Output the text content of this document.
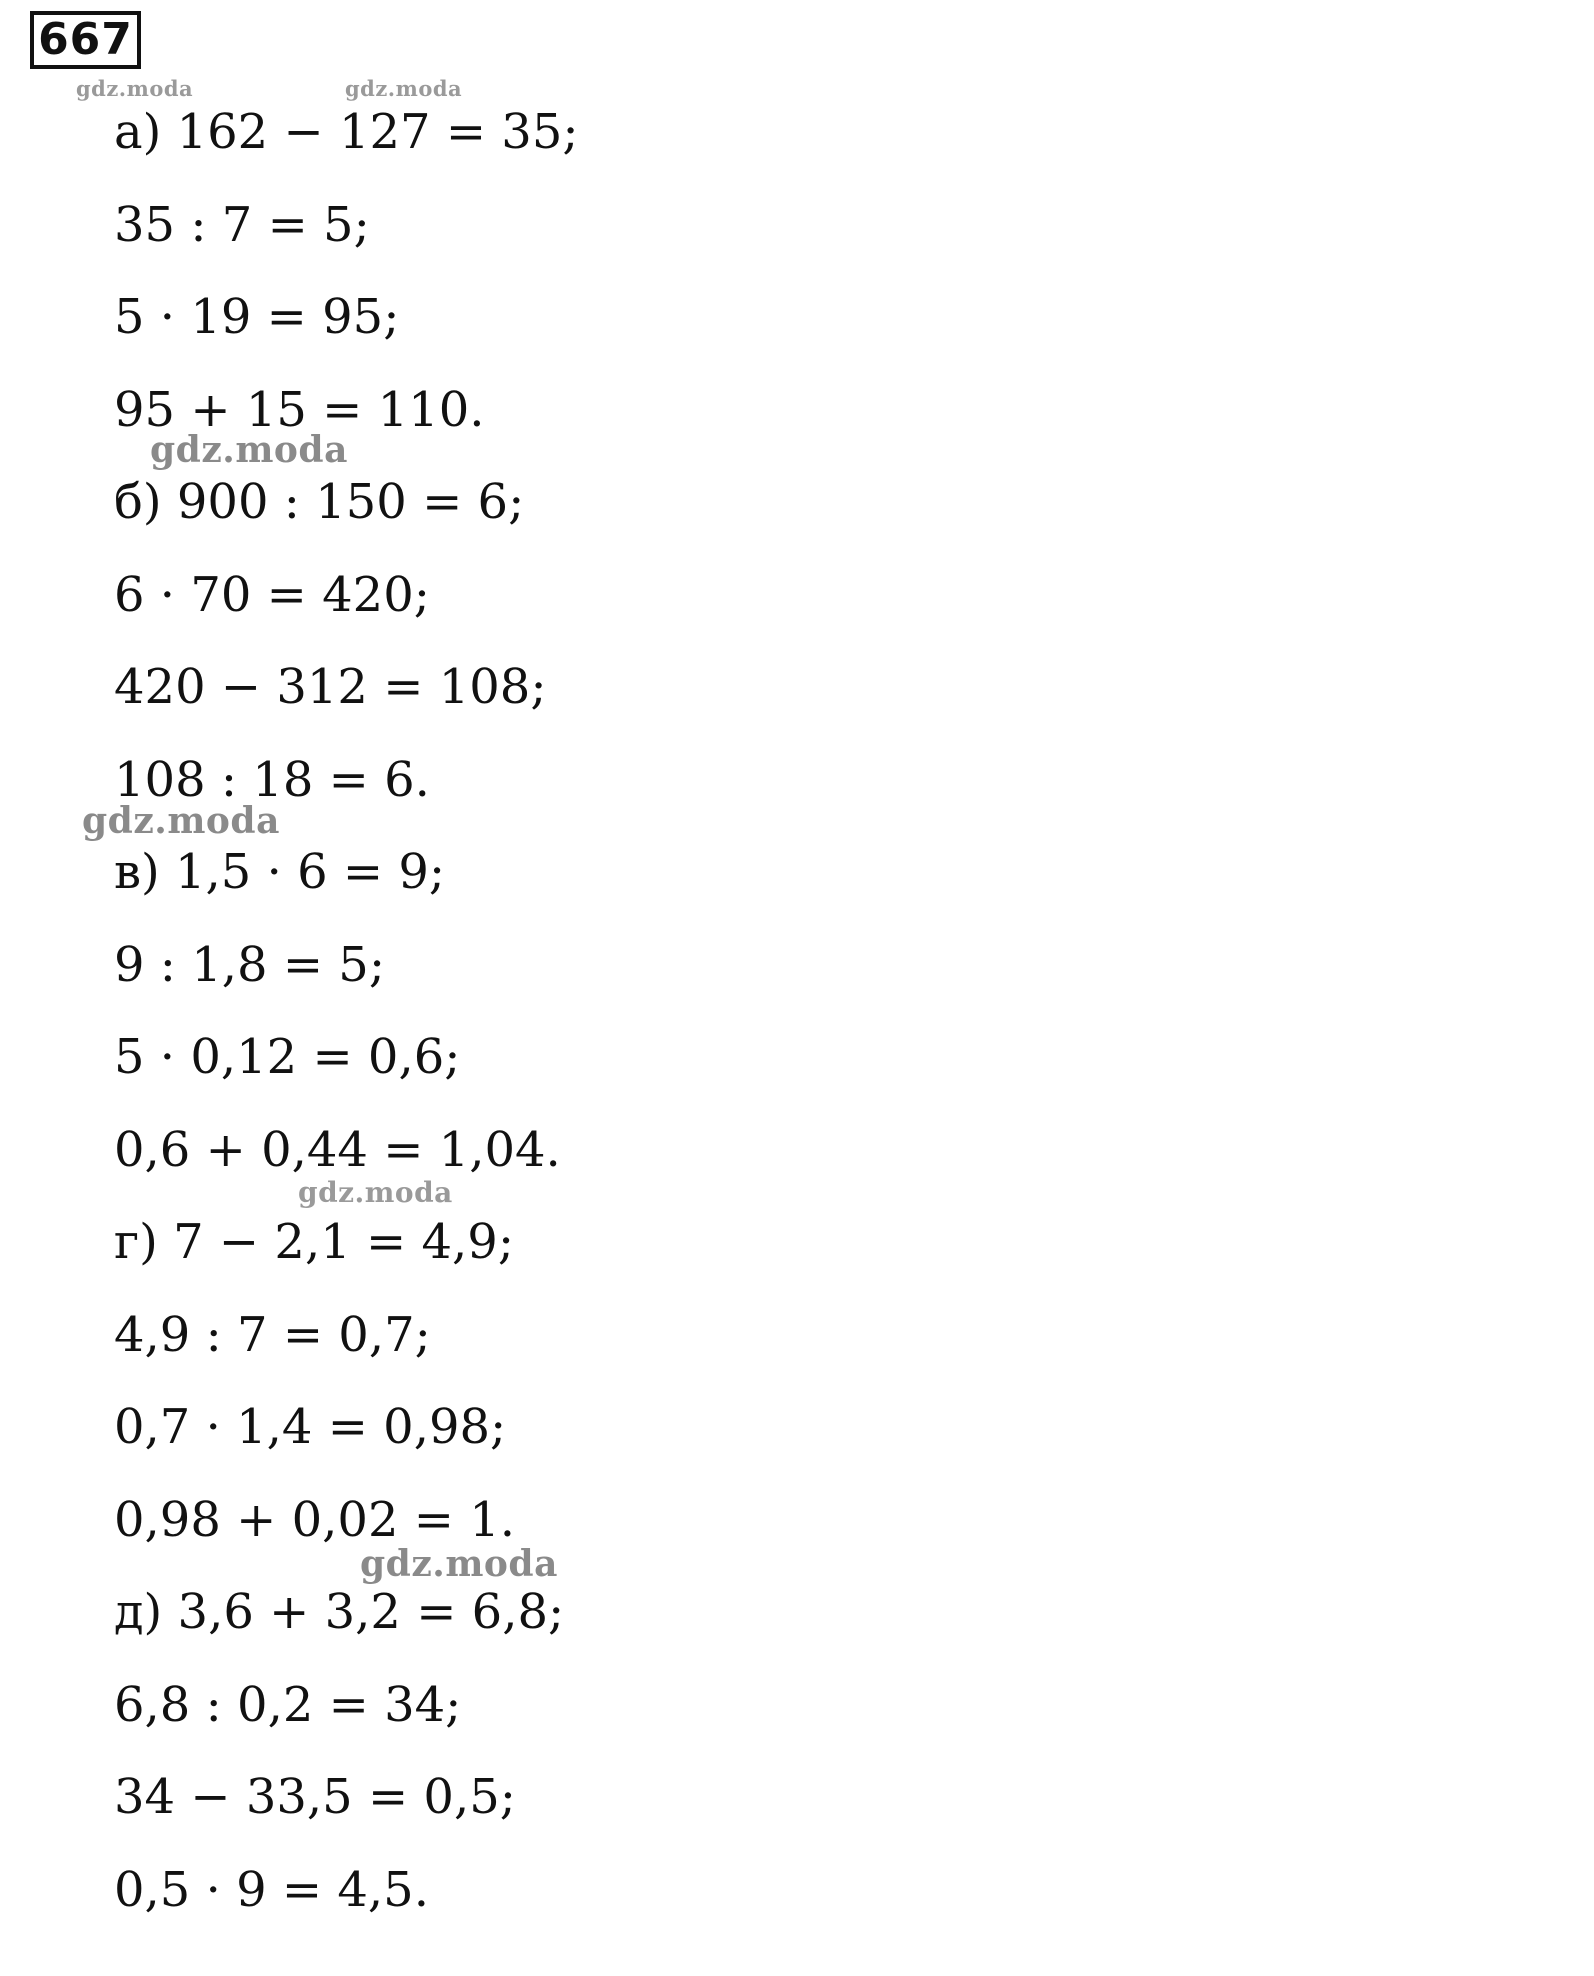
667
gdz.moda	gdz.moda
gdz.moda
gdz.moda
gdz.moda
gdz.moda
а) 162 − 127 = 35;
35 : 7 = 5;
5 · 19 = 95;
95 + 15 = 110.
б) 900 : 150 = 6;
6 · 70 = 420;
420 − 312 = 108;
108 : 18 = 6.
в) 1,5 · 6 = 9;
9 : 1,8 = 5;
5 · 0,12 = 0,6;
0,6 + 0,44 = 1,04.
г) 7 − 2,1 = 4,9;
4,9 : 7 = 0,7;
0,7 · 1,4 = 0,98;
0,98 + 0,02 = 1.
д) 3,6 + 3,2 = 6,8;
6,8 : 0,2 = 34;
34 − 33,5 = 0,5;
0,5 · 9 = 4,5.
